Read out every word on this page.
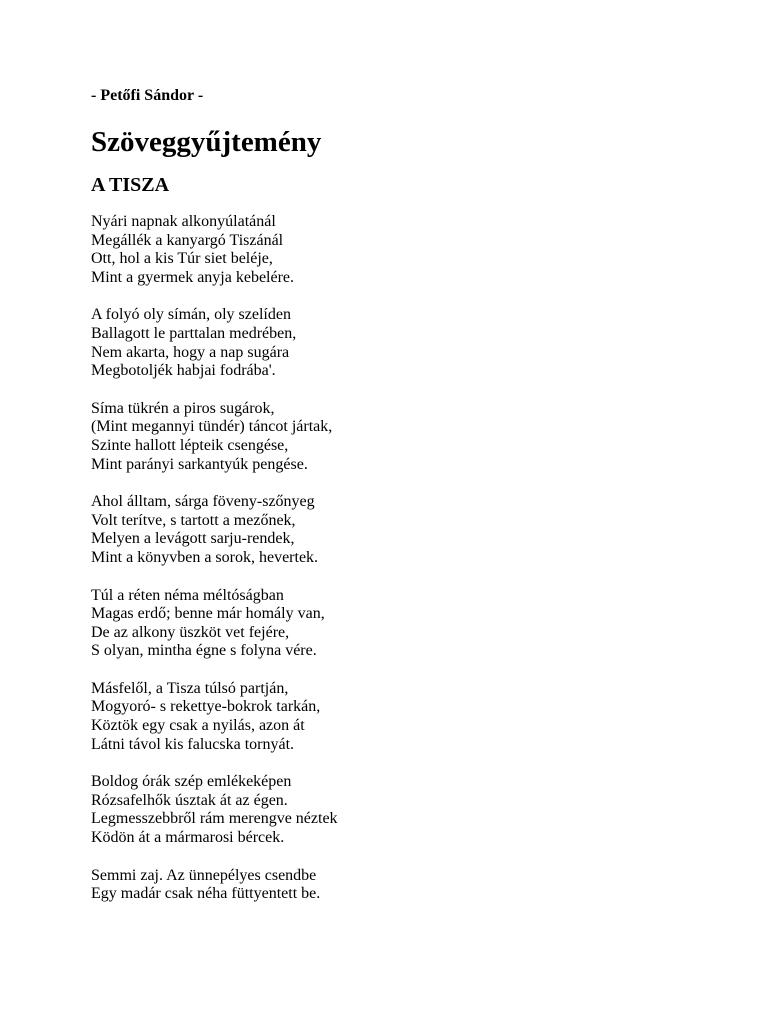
- Petőfi Sándor -

Szöveggyűjtemény
A TISZA
Nyári napnak alkonyúlatánál
Megállék a kanyargó Tiszánál
Ott, hol a kis Túr siet beléje,
Mint a gyermek anyja kebelére.
A folyó oly símán, oly szelíden
Ballagott le parttalan medrében,
Nem akarta, hogy a nap sugára
Megbotoljék habjai fodrába'.
Síma tükrén a piros sugárok,
(Mint megannyi tündér) táncot jártak,
Szinte hallott lépteik csengése,
Mint parányi sarkantyúk pengése.
Ahol álltam, sárga föveny-szőnyeg
Volt terítve, s tartott a mezőnek,
Melyen a levágott sarju-rendek,
Mint a könyvben a sorok, hevertek.
Túl a réten néma méltóságban
Magas erdő; benne már homály van,
De az alkony üszköt vet fejére,
S olyan, mintha égne s folyna vére.
Másfelől, a Tisza túlsó partján,
Mogyoró- s rekettye-bokrok tarkán,
Köztök egy csak a nyilás, azon át
Látni távol kis falucska tornyát.
Boldog órák szép emlékeképen
Rózsafelhők úsztak át az égen.
Legmesszebbről rám merengve néztek
Ködön át a mármarosi bércek.
Semmi zaj. Az ünnepélyes csendbe
Egy madár csak néha füttyentett be.
